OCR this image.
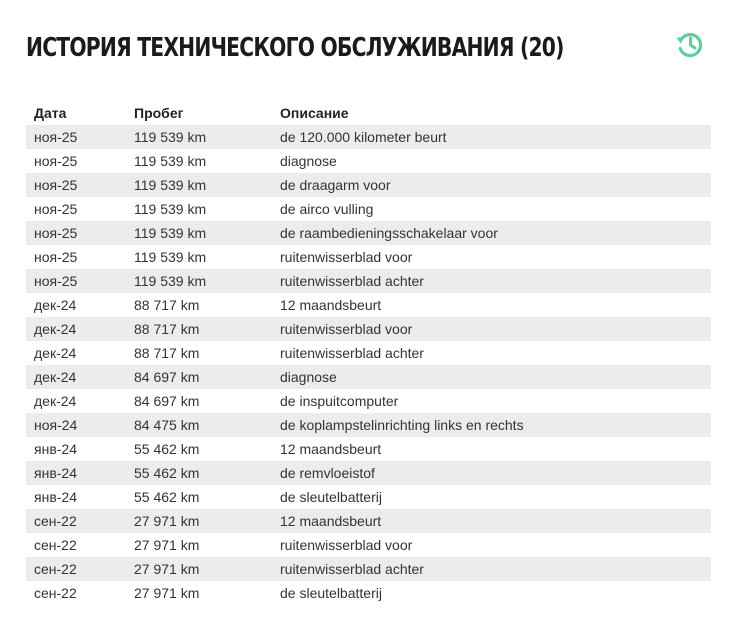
ИСТОРИЯ ТЕХНИЧЕСКОГО ОБСЛУЖИВАНИЯ (20)
Дата	Пробег	Описание
ноя-25	119 539 km	de 120.000 kilometer beurt
ноя-25	119 539 km	diagnose
ноя-25	119 539 km	de draagarm voor
ноя-25	119 539 km	de airco vulling
ноя-25	119 539 km	de raambedieningsschakelaar voor
ноя-25	119 539 km	ruitenwisserblad voor
ноя-25	119 539 km	ruitenwisserblad achter
дек-24	88 717 km	12 maandsbeurt
дек-24	88 717 km	ruitenwisserblad voor
дек-24	88 717 km	ruitenwisserblad achter
дек-24	84 697 km	diagnose
дек-24	84 697 km	de inspuitcomputer
ноя-24	84 475 km	de koplampstelinrichting links en rechts
янв-24	55 462 km	12 maandsbeurt
янв-24	55 462 km	de remvloeistof
янв-24	55 462 km	de sleutelbatterij
сен-22	27 971 km	12 maandsbeurt
сен-22	27 971 km	ruitenwisserblad voor
сен-22	27 971 km	ruitenwisserblad achter
сен-22	27 971 km	de sleutelbatterij
